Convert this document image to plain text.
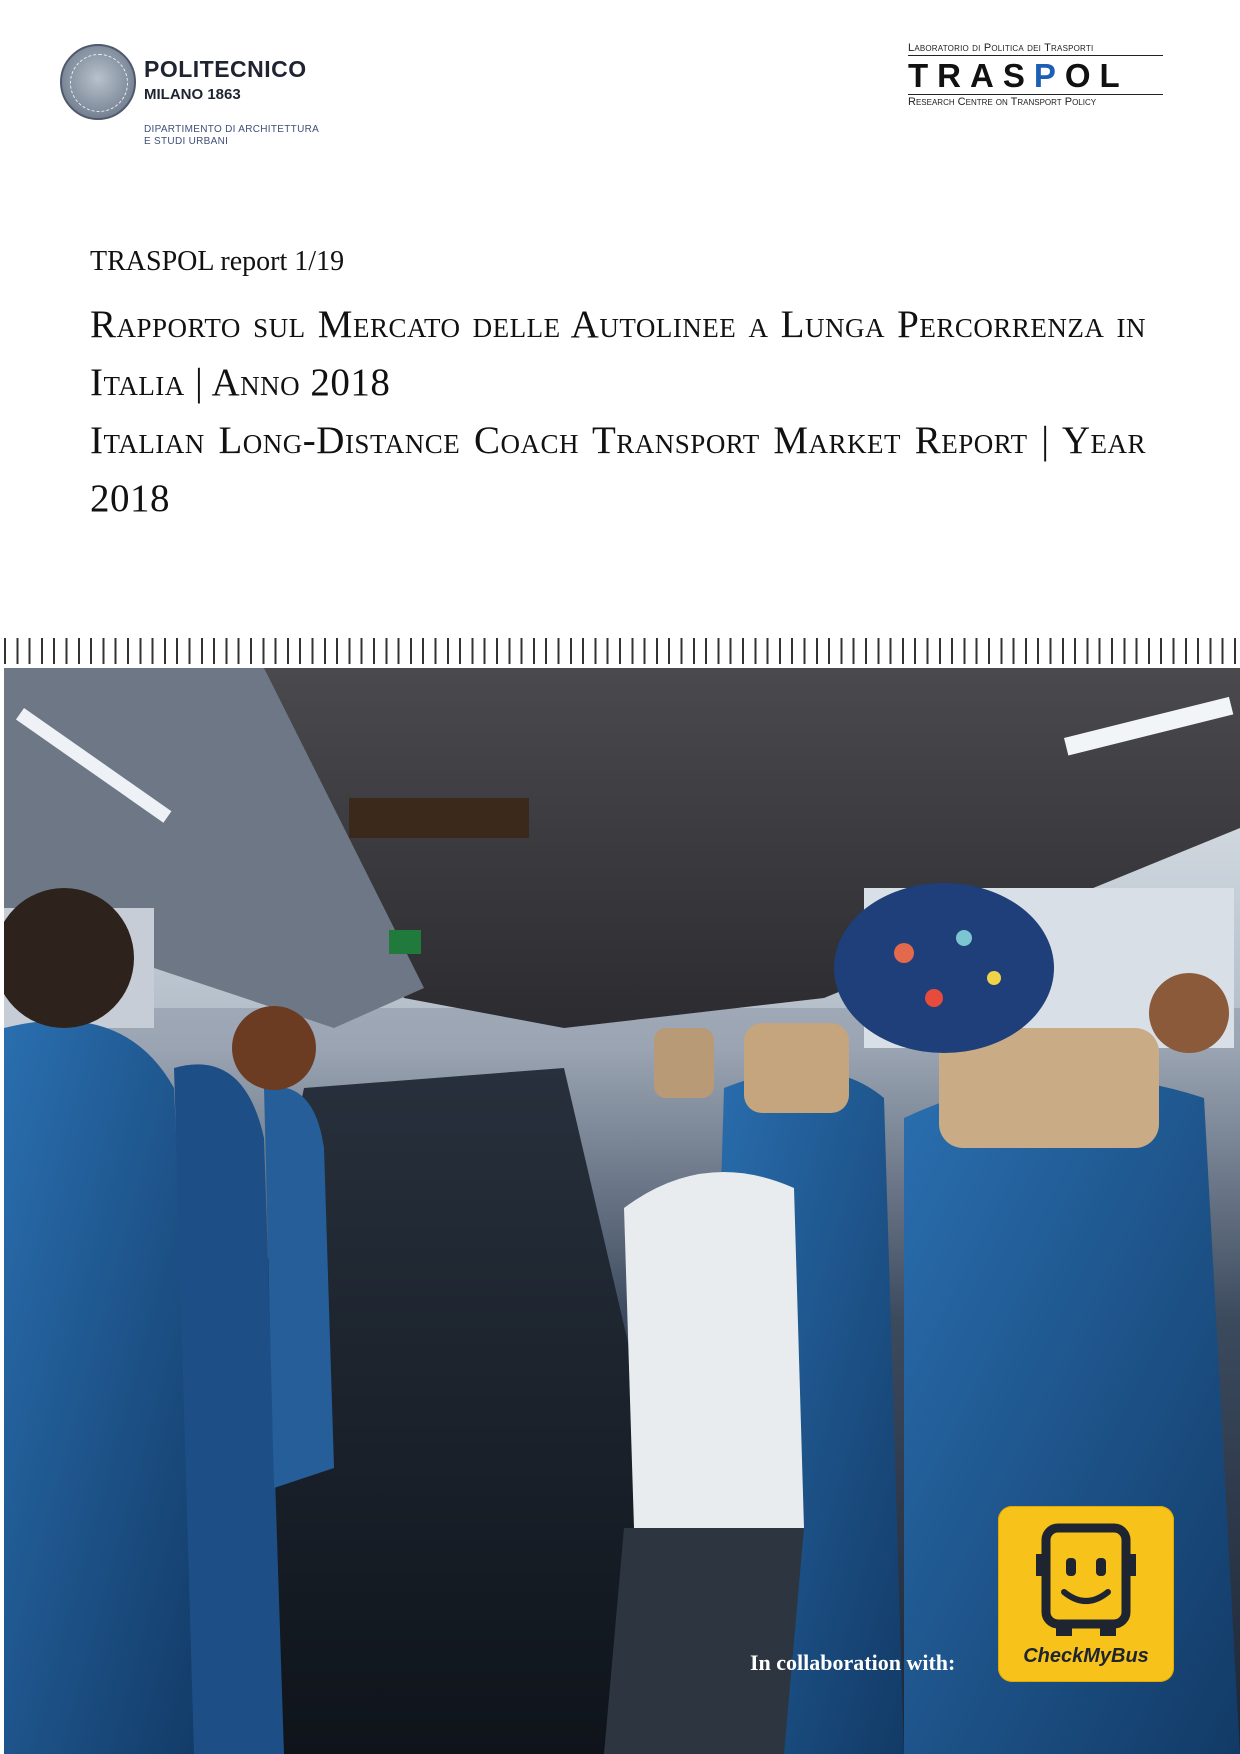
POLITECNICO
MILANO 1863
DIPARTIMENTO DI ARCHITETTURA
E STUDI URBANI
Laboratorio di Politica dei Trasporti
TRASPOL
Research Centre on Transport Policy
TRASPOL report 1/19
Rapporto sul Mercato delle Autolinee a Lunga Percorrenza in Italia | Anno 2018
Italian Long-Distance Coach Transport Market Report | Year 2018
In collaboration with:	CheckMyBus
